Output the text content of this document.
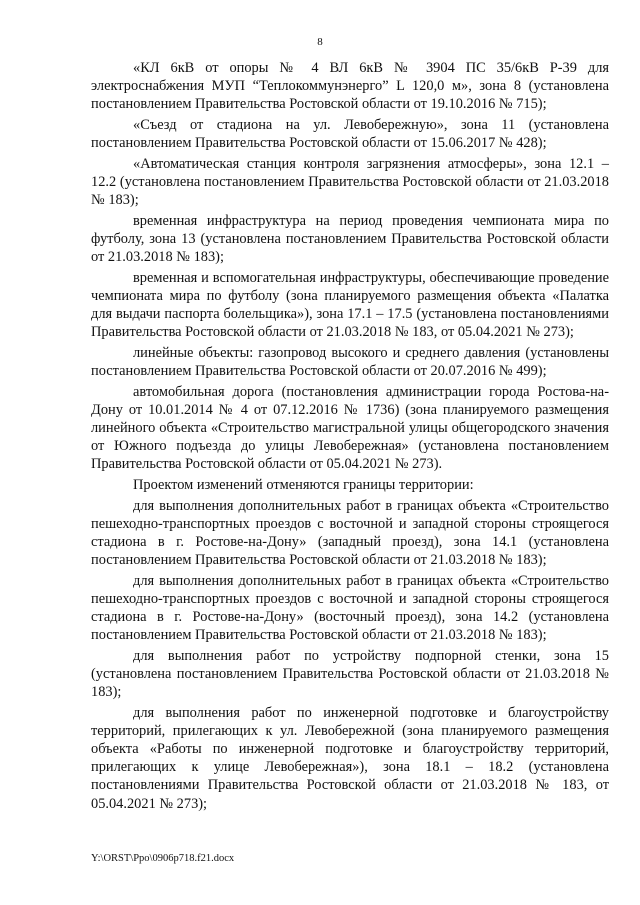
8

«КЛ 6кВ от опоры № 4 ВЛ 6кВ № 3904 ПС 35/6кВ Р-39 для электроснабжения МУП “Теплокоммунэнерго” L 120,0 м», зона 8 (установлена постановлением Правительства Ростовской области от 19.10.2016 № 715);

«Съезд от стадиона на ул. Левобережную», зона 11 (установлена постановлением Правительства Ростовской области от 15.06.2017 № 428);

«Автоматическая станция контроля загрязнения атмосферы», зона 12.1 – 12.2 (установлена постановлением Правительства Ростовской области от 21.03.2018 № 183);

временная инфраструктура на период проведения чемпионата мира по футболу, зона 13 (установлена постановлением Правительства Ростовской области от 21.03.2018 № 183);

временная и вспомогательная инфраструктуры, обеспечивающие проведение чемпионата мира по футболу (зона планируемого размещения объекта «Палатка для выдачи паспорта болельщика»), зона 17.1 – 17.5 (установлена постановлениями Правительства Ростовской области от 21.03.2018 № 183, от 05.04.2021 № 273);

линейные объекты: газопровод высокого и среднего давления (установлены постановлением Правительства Ростовской области от 20.07.2016 № 499);

автомобильная дорога (постановления администрации города Ростова-на-Дону от 10.01.2014 № 4 от 07.12.2016 № 1736) (зона планируемого размещения линейного объекта «Строительство магистральной улицы общегородского значения от Южного подъезда до улицы Левобережная» (установлена постановлением Правительства Ростовской области от 05.04.2021 № 273).

Проектом изменений отменяются границы территории:

для выполнения дополнительных работ в границах объекта «Строительство пешеходно-транспортных проездов с восточной и западной стороны строящегося стадиона в г. Ростове-на-Дону» (западный проезд), зона 14.1 (установлена постановлением Правительства Ростовской области от 21.03.2018 № 183);

для выполнения дополнительных работ в границах объекта «Строительство пешеходно-транспортных проездов с восточной и западной стороны строящегося стадиона в г. Ростове-на-Дону» (восточный проезд), зона 14.2 (установлена постановлением Правительства Ростовской области от 21.03.2018 № 183);

для выполнения работ по устройству подпорной стенки, зона 15 (установлена постановлением Правительства Ростовской области от 21.03.2018 № 183);

для выполнения работ по инженерной подготовке и благоустройству территорий, прилегающих к ул. Левобережной (зона планируемого размещения объекта «Работы по инженерной подготовке и благоустройству территорий, прилегающих к улице Левобережная»), зона 18.1 – 18.2 (установлена постановлениями Правительства Ростовской области от 21.03.2018 № 183, от 05.04.2021 № 273);

Y:\ORST\Ppo\0906p718.f21.docx
